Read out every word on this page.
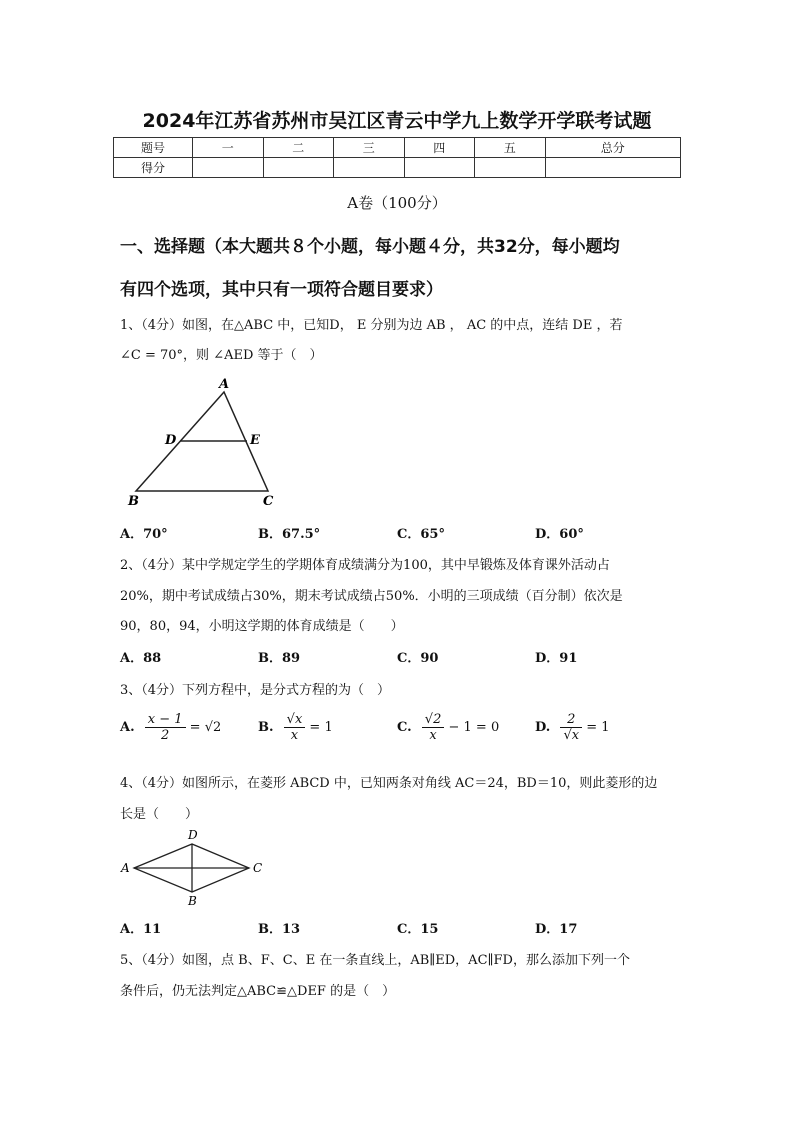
2024年江苏省苏州市吴江区青云中学九上数学开学联考试题
题号	一	二	三	四	五	总分
得分						
A卷（100分）
一、选择题（本大题共８个小题，每小题４分，共32分，每小题均
有四个选项，其中只有一项符合题目要求）
1、（4分）如图，在△ABC 中，已知D， E 分别为边 AB ， AC 的中点，连结 DE ，若
∠C = 70°，则 ∠AED 等于（　）
A
D	E
B	C
A．70°	B．67.5°	C．65°	D．60°
2、（4分）某中学规定学生的学期体育成绩满分为100，其中早锻炼及体育课外活动占
20%，期中考试成绩占30%，期末考试成绩占50%．小明的三项成绩（百分制）依次是
90，80，94，小明这学期的体育成绩是（　　）
A．88	B．89	C．90	D．91
3、（4分）下列方程中，是分式方程的为（　）
A. $\frac{x - 1}{2} = √2$	B. $\frac{√x}{x} = 1$	C. $\frac{√2}{x} - 1 = 0$	D. $\frac{2}{√x} = 1$
4、（4分）如图所示，在菱形 ABCD 中，已知两条对角线 AC＝24，BD＝10，则此菱形的边
长是（　　）
D
A	C
B
A．11	B．13	C．15	D．17
5、（4分）如图，点 B、F、C、E 在一条直线上，AB∥ED，AC∥FD，那么添加下列一个
条件后，仍无法判定△ABC≌△DEF 的是（　）
